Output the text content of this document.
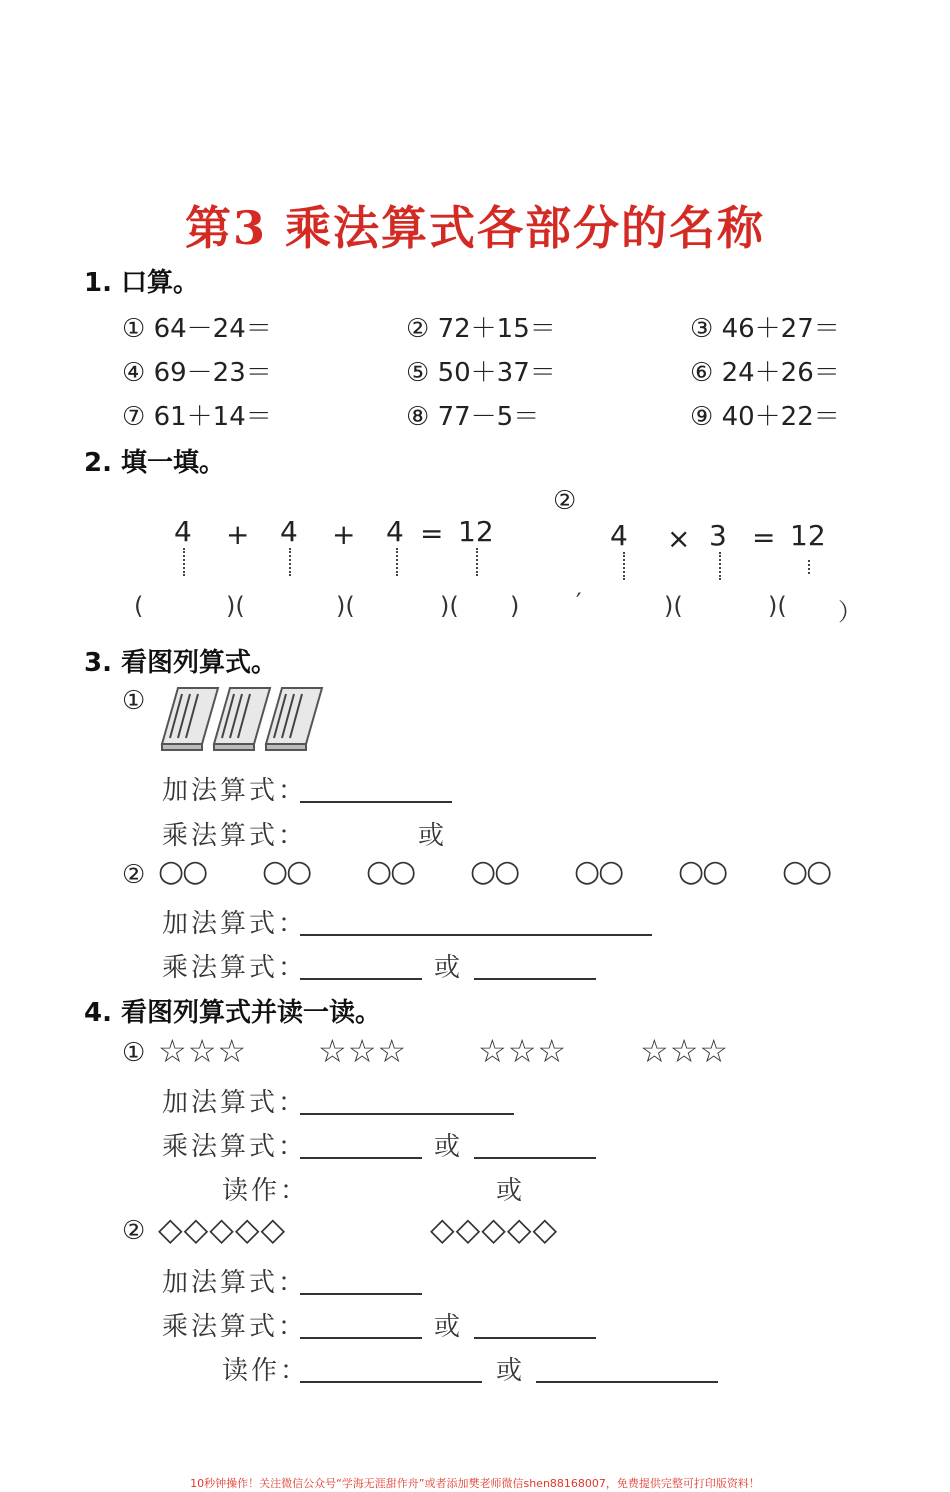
第3 乘法算式各部分的名称
1. 口算。
① 64－24＝	② 72＋15＝	③ 46＋27＝
④ 69－23＝	⑤ 50＋37＝	⑥ 24＋26＝
⑦ 61＋14＝	⑧ 77－5＝	⑨ 40＋22＝
2. 填一填。
②
4 + 4 + 4 = 12	4 × 3 = 12
(	)(	)(	)( ) ′	)(	)( ）
3. 看图列算式。
①
加法算式：
乘法算式：	或
② ○○ ○○ ○○ ○○ ○○ ○○ ○○
加法算式：
乘法算式：	或
4. 看图列算式并读一读。
① ☆☆☆ ☆☆☆ ☆☆☆ ☆☆☆
加法算式：
乘法算式：	或
读作：	或
② ◇◇◇◇◇	◇◇◇◇◇
加法算式：
乘法算式：	或
读作：	或
10秒钟操作！关注微信公众号“学海无涯甜作舟”或者添加樊老师微信shen88168007，免费提供完整可打印版资料！
